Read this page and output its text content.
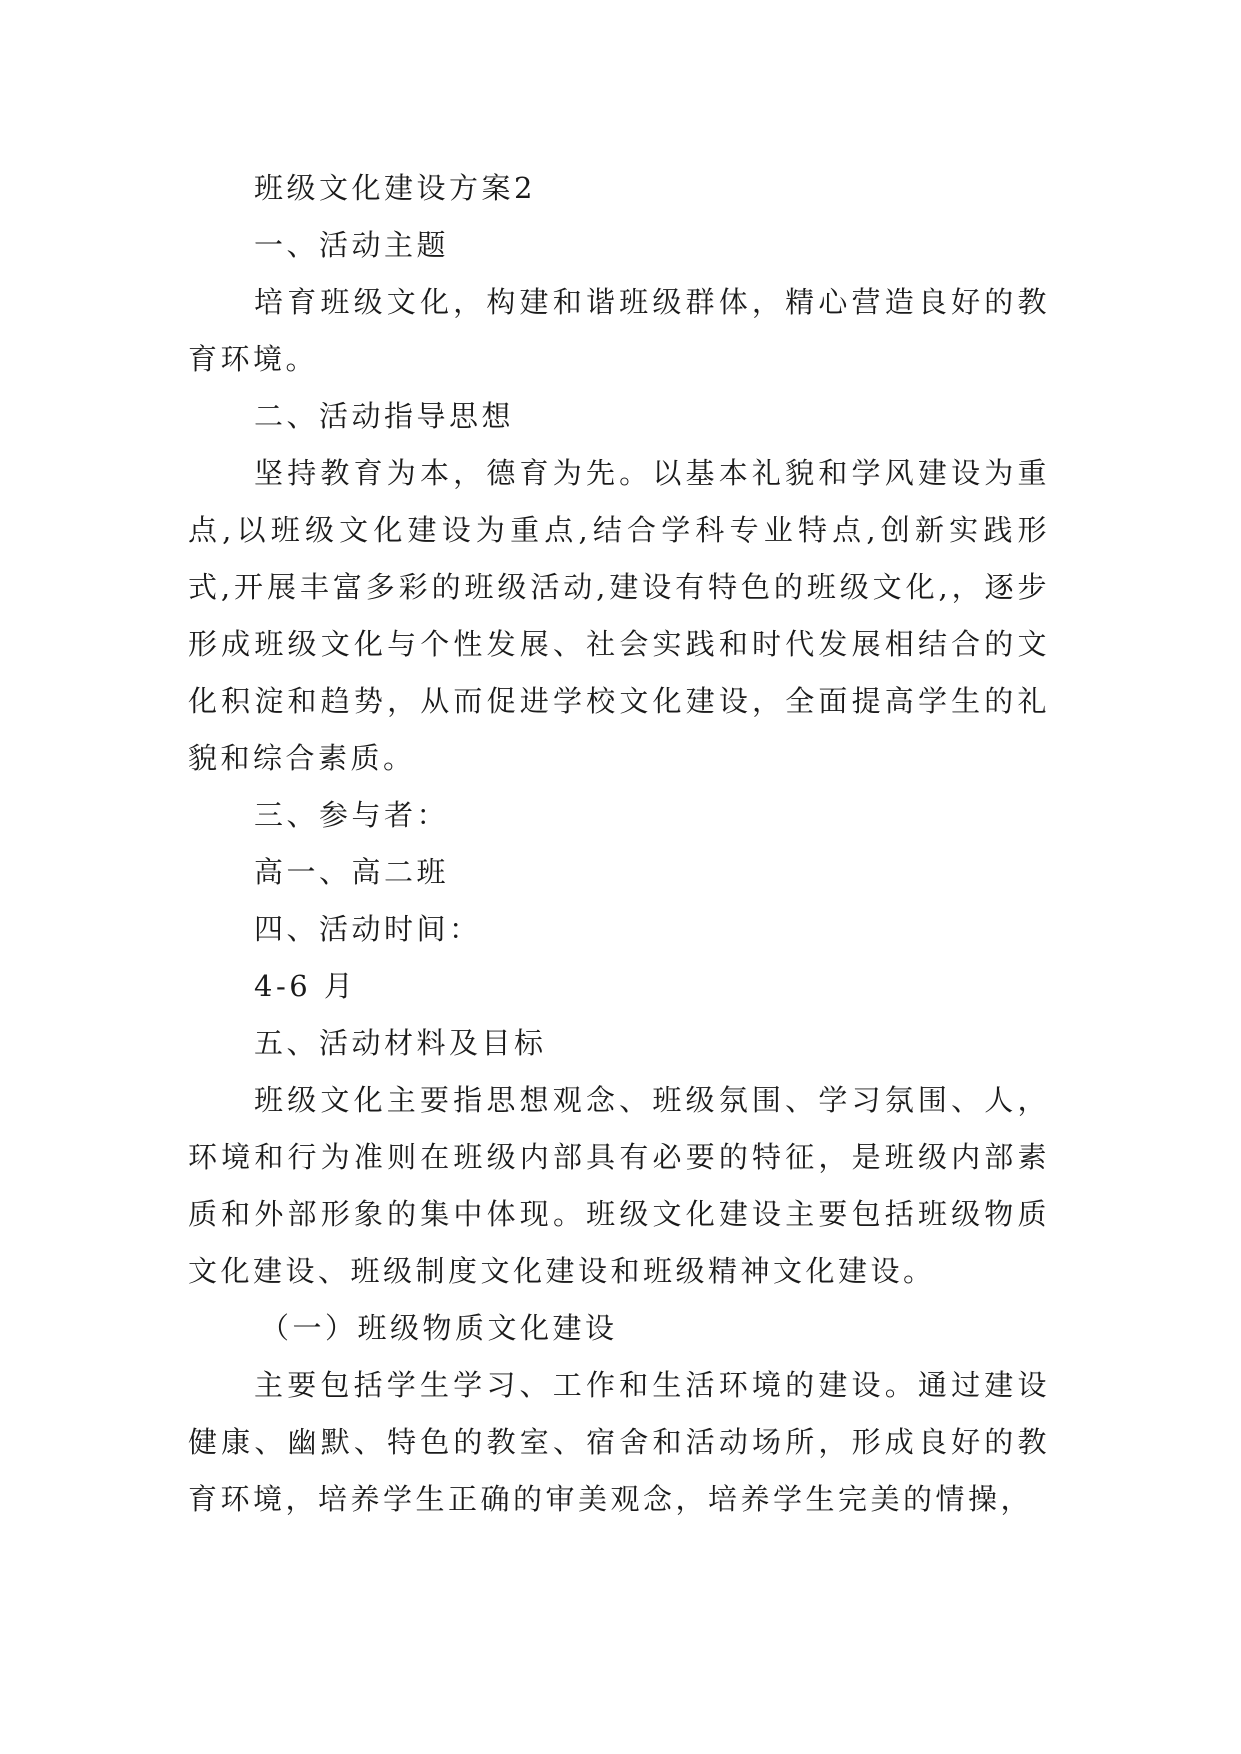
班级文化建设方案2

一、活动主题

培育班级文化，构建和谐班级群体，精心营造良好的教育环境。

二、活动指导思想

坚持教育为本，德育为先。以基本礼貌和学风建设为重点,以班级文化建设为重点,结合学科专业特点,创新实践形式,开展丰富多彩的班级活动,建设有特色的班级文化,，逐步形成班级文化与个性发展、社会实践和时代发展相结合的文化积淀和趋势，从而促进学校文化建设，全面提高学生的礼貌和综合素质。

三、参与者：

高一、高二班

四、活动时间：

4-6 月

五、活动材料及目标

班级文化主要指思想观念、班级氛围、学习氛围、人，环境和行为准则在班级内部具有必要的特征，是班级内部素质和外部形象的集中体现。班级文化建设主要包括班级物质文化建设、班级制度文化建设和班级精神文化建设。

（一）班级物质文化建设

主要包括学生学习、工作和生活环境的建设。通过建设健康、幽默、特色的教室、宿舍和活动场所，形成良好的教育环境，培养学生正确的审美观念，培养学生完美的情操，
